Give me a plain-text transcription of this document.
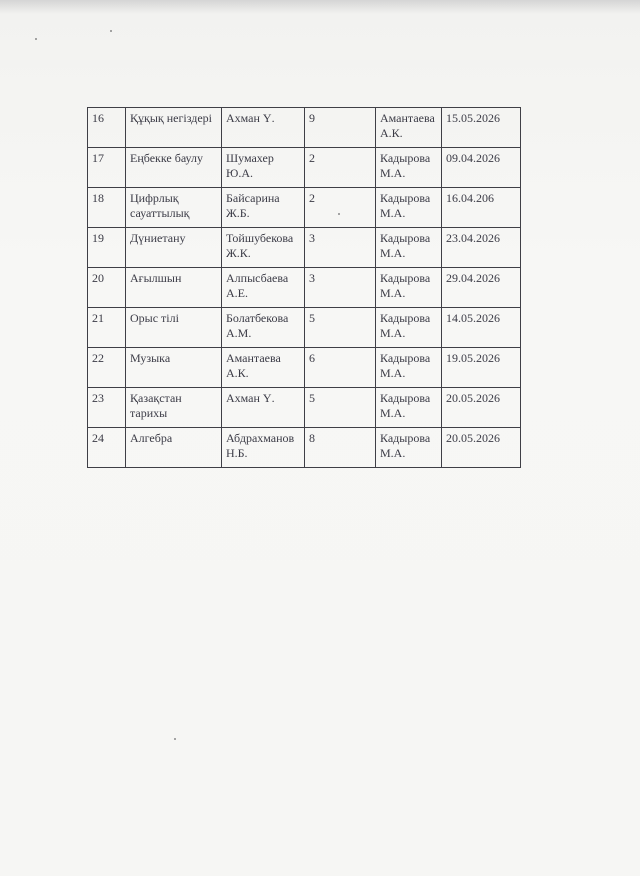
16	Құқық негіздері	Ахман Ү.	9	Амантаева А.К.	15.05.2026
17	Еңбекке баулу	Шумахер Ю.А.	2	Кадырова М.А.	09.04.2026
18	Цифрлық сауаттылық	Байсарина Ж.Б.	2	Кадырова М.А.	16.04.206
19	Дүниетану	Тойшубекова Ж.К.	3	Кадырова М.А.	23.04.2026
20	Ағылшын	Алпысбаева А.Е.	3	Кадырова М.А.	29.04.2026
21	Орыс тілі	Болатбекова А.М.	5	Кадырова М.А.	14.05.2026
22	Музыка	Амантаева А.К.	6	Кадырова М.А.	19.05.2026
23	Қазақстан тарихы	Ахман Ү.	5	Кадырова М.А.	20.05.2026
24	Алгебра	Абдрахманов Н.Б.	8	Кадырова М.А.	20.05.2026
